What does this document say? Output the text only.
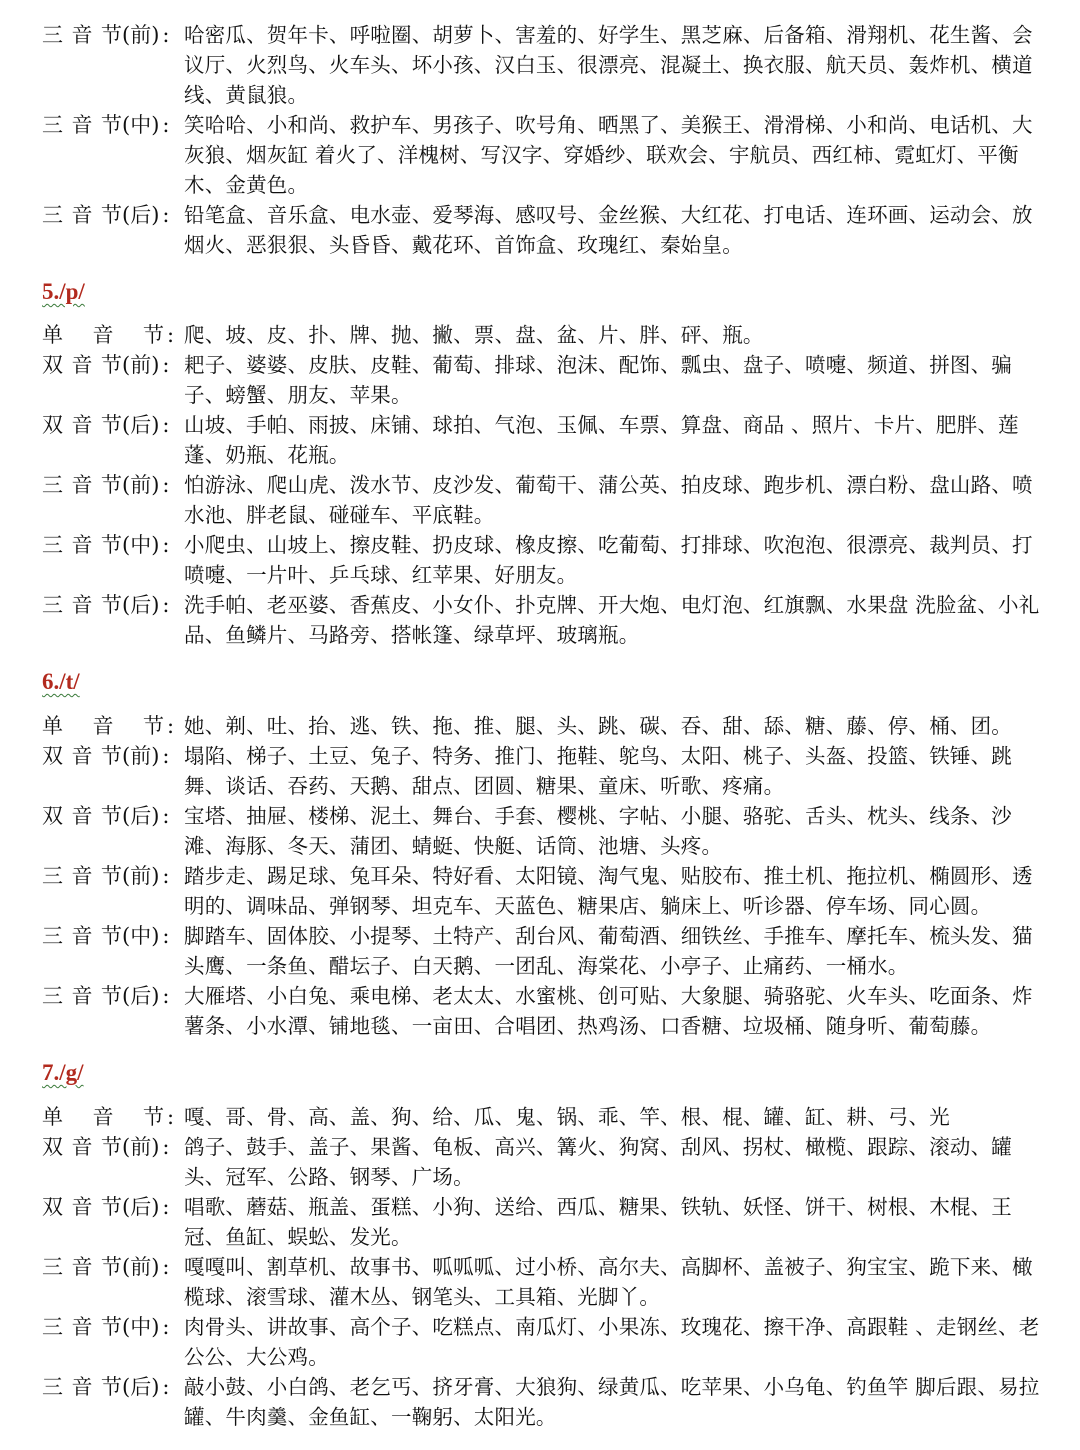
三 音 节 (前) : 哈密瓜、贺年卡、呼啦圈、胡萝卜、害羞的、好学生、黑芝麻、后备箱、滑翔机、花生酱、会议厅、火烈鸟、火车头、坏小孩、汉白玉、很漂亮、混凝土、换衣服、航天员、轰炸机、横道线、黄鼠狼。
三 音 节 (中) : 笑哈哈、小和尚、救护车、男孩子、吹号角、晒黑了、美猴王、滑滑梯、小和尚、电话机、大灰狼、烟灰缸 着火了、洋槐树、写汉字、穿婚纱、联欢会、宇航员、西红柿、霓虹灯、平衡木、金黄色。
三 音 节 (后) : 铅笔盒、音乐盒、电水壶、爱琴海、感叹号、金丝猴、大红花、打电话、连环画、运动会、放烟火、恶狠狠、头昏昏、戴花环、首饰盒、玫瑰红、秦始皇。
5./p/
单 音 节 : 爬、坡、皮、扑、牌、抛、撇、票、盘、盆、片、胖、砰、瓶。
双 音 节 (前) : 耙子、婆婆、皮肤、皮鞋、葡萄、排球、泡沫、配饰、瓢虫、盘子、喷嚏、频道、拼图、骗子、螃蟹、朋友、苹果。
双 音 节 (后) : 山坡、手帕、雨披、床铺、球拍、气泡、玉佩、车票、算盘、商品 、照片、卡片、肥胖、莲蓬、奶瓶、花瓶。
三 音 节 (前) : 怕游泳、爬山虎、泼水节、皮沙发、葡萄干、蒲公英、拍皮球、跑步机、漂白粉、盘山路、喷水池、胖老鼠、碰碰车、平底鞋。
三 音 节 (中) : 小爬虫、山坡上、擦皮鞋、扔皮球、橡皮擦、吃葡萄、打排球、吹泡泡、很漂亮、裁判员、打喷嚏、一片叶、乒乓球、红苹果、好朋友。
三 音 节 (后) : 洗手帕、老巫婆、香蕉皮、小女仆、扑克牌、开大炮、电灯泡、红旗飘、水果盘 洗脸盆、小礼品、鱼鳞片、马路旁、搭帐篷、绿草坪、玻璃瓶。
6./t/
单 音 节 : 她、剃、吐、抬、逃、铁、拖、推、腿、头、跳、碳、吞、甜、舔、糖、藤、停、桶、团。
双 音 节 (前) : 塌陷、梯子、土豆、兔子、特务、推门、拖鞋、鸵鸟、太阳、桃子、头盔、投篮、铁锤、跳舞、谈话、吞药、天鹅、甜点、团圆、糖果、童床、听歌、疼痛。
双 音 节 (后) : 宝塔、抽屉、楼梯、泥土、舞台、手套、樱桃、字帖、小腿、骆驼、舌头、枕头、线条、沙滩、海豚、冬天、蒲团、蜻蜓、快艇、话筒、池塘、头疼。
三 音 节 (前) : 踏步走、踢足球、兔耳朵、特好看、太阳镜、淘气鬼、贴胶布、推土机、拖拉机、椭圆形、透明的、调味品、弹钢琴、坦克车、天蓝色、糖果店、躺床上、听诊器、停车场、同心圆。
三 音 节 (中) : 脚踏车、固体胶、小提琴、土特产、刮台风、葡萄酒、细铁丝、手推车、摩托车、梳头发、猫头鹰、一条鱼、醋坛子、白天鹅、一团乱、海棠花、小亭子、止痛药、一桶水。
三 音 节 (后) : 大雁塔、小白兔、乘电梯、老太太、水蜜桃、创可贴、大象腿、骑骆驼、火车头、吃面条、炸薯条、小水潭、铺地毯、一亩田、合唱团、热鸡汤、口香糖、垃圾桶、随身听、葡萄藤。
7./g/
单 音 节 : 嘎、哥、骨、高、盖、狗、给、瓜、鬼、锅、乖、竿、根、棍、罐、缸、耕、弓、光
双 音 节 (前) : 鸽子、鼓手、盖子、果酱、龟板、高兴、篝火、狗窝、刮风、拐杖、橄榄、跟踪、滚动、罐头、冠军、公路、钢琴、广场。
双 音 节 (后) : 唱歌、蘑菇、瓶盖、蛋糕、小狗、送给、西瓜、糖果、铁轨、妖怪、饼干、树根、木棍、王冠、鱼缸、蜈蚣、发光。
三 音 节 (前) : 嘎嘎叫、割草机、故事书、呱呱呱、过小桥、高尔夫、高脚杯、盖被子、狗宝宝、跪下来、橄榄球、滚雪球、灌木丛、钢笔头、工具箱、光脚丫。
三 音 节 (中) : 肉骨头、讲故事、高个子、吃糕点、南瓜灯、小果冻、玫瑰花、擦干净、高跟鞋 、走钢丝、老公公、大公鸡。
三 音 节 (后) : 敲小鼓、小白鸽、老乞丐、挤牙膏、大狼狗、绿黄瓜、吃苹果、小乌龟、钓鱼竿 脚后跟、易拉罐、牛肉羹、金鱼缸、一鞠躬、太阳光。
